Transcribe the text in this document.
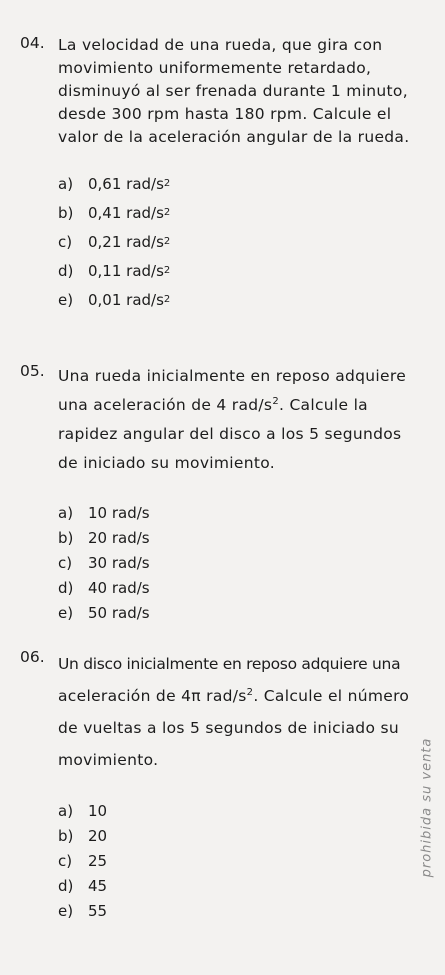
04. La velocidad de una rueda, que gira con
movimiento uniformemente retardado,
disminuyó al ser frenada durante 1 minuto,
desde 300 rpm hasta 180 rpm. Calcule el
valor de la aceleración angular de la rueda.
a) 0,61 rad/s 2
b) 0,41 rad/s 2
c)	0,21 rad/s 2
d) 0,11 rad/s 2
e) 0,01 rad/s 2
05. Una rueda inicialmente en reposo adquiere
una aceleración de 4 rad/$s^2$. Calcule la
rapidez angular del disco a los 5 segundos
de iniciado su movimiento.
a) 10 rad/s
b) 20 rad/s
c)	30 rad/s
d) 40 rad/s
e) 50 rad/s
06. Un disco inicialmente en reposo adquiere una
aceleración de 4π rad/$s^2$. Calcule el número
de vueltas a los 5 segundos de iniciado su
movimiento.
a) 10
b) 20
c)	25
d) 45
e) 55
prohibida su venta
